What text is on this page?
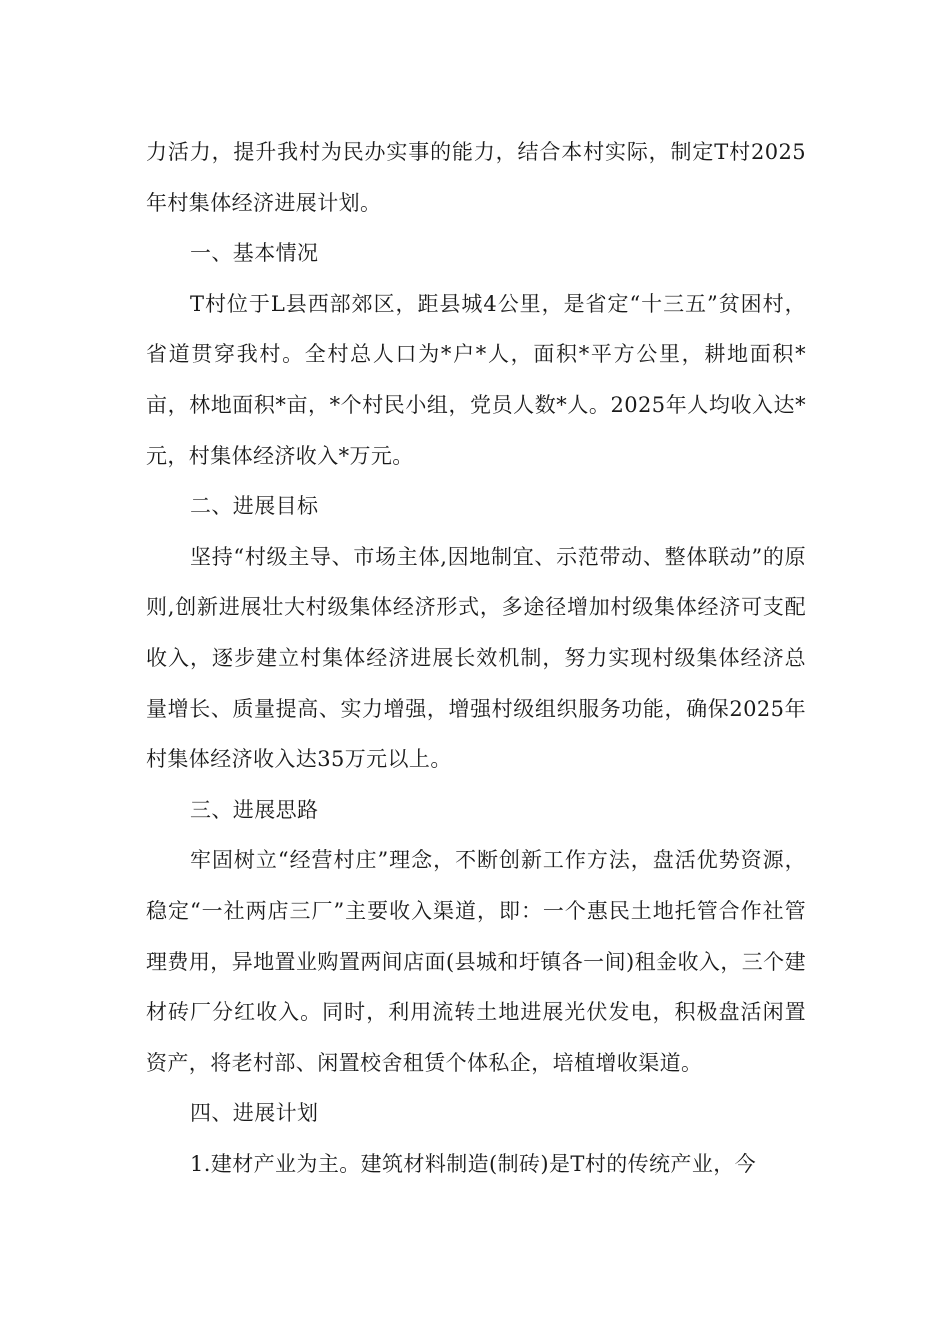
力活力，提升我村为民办实事的能力，结合本村实际，制定T村2025年村集体经济进展计划。

一、基本情况

T村位于L县西部郊区，距县城4公里，是省定“十三五”贫困村，省道贯穿我村。全村总人口为*户*人，面积*平方公里，耕地面积*亩，林地面积*亩，*个村民小组，党员人数*人。2025年人均收入达*元，村集体经济收入*万元。

二、进展目标

坚持“村级主导、市场主体,因地制宜、示范带动、整体联动”的原则,创新进展壮大村级集体经济形式，多途径增加村级集体经济可支配收入，逐步建立村集体经济进展长效机制，努力实现村级集体经济总量增长、质量提高、实力增强，增强村级组织服务功能，确保2025年村集体经济收入达35万元以上。

三、进展思路

牢固树立“经营村庄”理念，不断创新工作方法，盘活优势资源，稳定“一社两店三厂”主要收入渠道，即：一个惠民土地托管合作社管理费用，异地置业购置两间店面(县城和圩镇各一间)租金收入，三个建材砖厂分红收入。同时，利用流转土地进展光伏发电，积极盘活闲置资产，将老村部、闲置校舍租赁个体私企，培植增收渠道。

四、进展计划

1.建材产业为主。建筑材料制造(制砖)是T村的传统产业，今
